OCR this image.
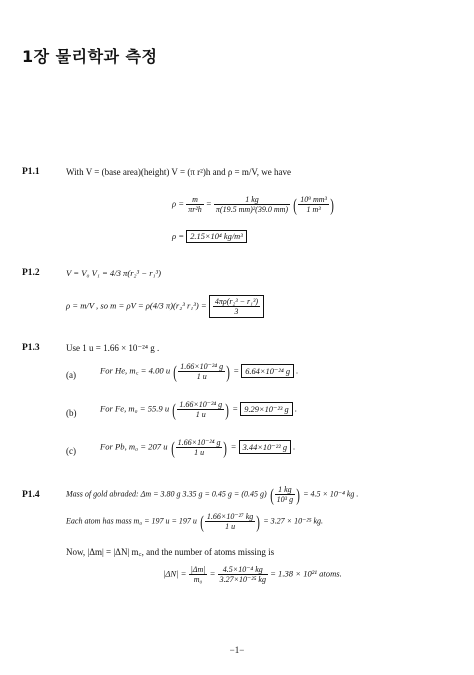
1장 물리학과 측정
P1.1	With V = (base area)(height) V = (π r²)h and ρ = m/V, we have
$\rho = \frac{m}{\text{πr²h}} = \frac{1 kg}{\text{π(19.5 mm)²(39.0 mm)}}$ ( $\frac{\text{10⁹ mm³}}{\text{1 m³}}$ )
ρ = 2.15×10⁴ kg/m³
P1.2	V = V₀ V₁ = 4/3 π(r₂³ − r₁³)
ρ = m/V , so m = ρV = ρ(4/3 π)(r₂³ $r_1^3) = \frac{\text{4πρ(r₂³ − r₁³)}}{3}$
P1.3	Use 1 u = 1.66 × 10⁻²⁴ g .
(a)	For He, m꜀ = 4.00 u ( $\frac{\text{1.66×10⁻²⁴ g}}{1 u}$ ) = 6.64×10⁻²⁴ g .
(b)	For Fe, m₀ = 55.9 u ( $\frac{\text{1.66×10⁻²⁴ g}}{1 u}$ ) = 9.29×10⁻²³ g .
(c)	For Pb, m₀ = 207 u ( $\frac{\text{1.66×10⁻²⁴ g}}{1 u}$ ) = 3.44×10⁻²² g .
P1.4	Mass of gold abraded: Δm = 3.80 g 3.35 g = 0.45 g = (0.45 g) ( $\frac{1 kg}{\text{10³ g}}$ ) = 4.5 × 10⁻⁴ kg .
Each atom has mass m₀ = 197 u = 197 u ( $\frac{\text{1.66×10⁻²⁷ kg}}{1 u}$ ) = 3.27 × 10⁻²⁵ kg.
Now, |Δm| = |ΔN| m꜀, and the number of atoms missing is
$|\Delta N| = \frac{|\Delta m|}{\text{m₀}} = \frac{\text{4.5×10⁻⁴ kg}}{\text{3.27×10⁻²⁵ kg}} = 1.38 \times 10^{21}$ atoms.
−1−
